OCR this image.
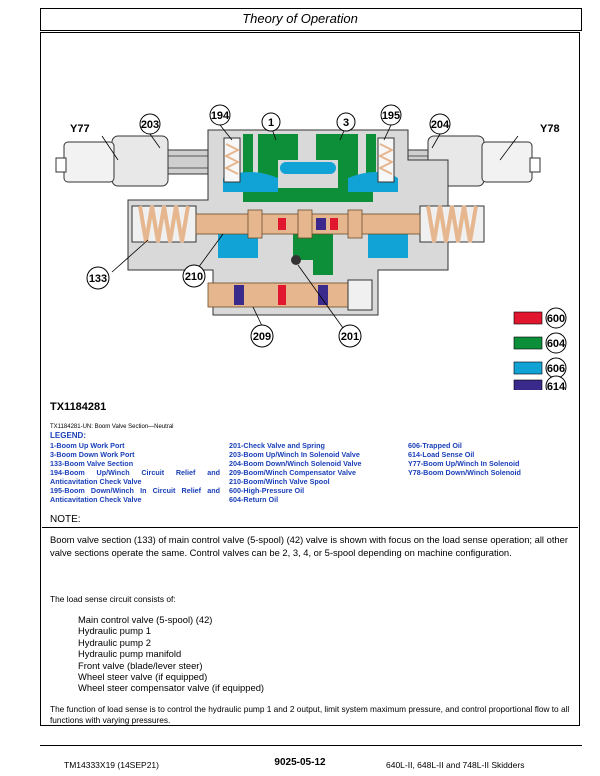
Theory of Operation
Y77	203
194
1	3
195
204	Y78
133	210
209	201
600
604
606
614
TX1184281
TX1184281-UN: Boom Valve Section—Neutral
LEGEND:
1-Boom Up Work Port
3-Boom Down Work Port
133-Boom Valve Section
194-Boom Up/Winch Circuit Relief and
Anticavitation Check Valve
195-Boom Down/Winch In Circuit Relief and
Anticavitation Check Valve
201-Check Valve and Spring
203-Boom Up/Winch In Solenoid Valve
204-Boom Down/Winch Solenoid Valve
209-Boom/Winch Compensator Valve
210-Boom/Winch Valve Spool
600-High-Pressure Oil
604-Return Oil
606-Trapped Oil
614-Load Sense Oil
Y77-Boom Up/Winch In Solenoid
Y78-Boom Down/Winch Solenoid
NOTE:
Boom valve section (133) of main control valve (5-spool) (42) valve is shown with focus on the load sense operation; all other valve sections operate the same. Control valves can be 2, 3, 4, or 5-spool depending on machine configuration.
The load sense circuit consists of:
Main control valve (5-spool) (42)
Hydraulic pump 1
Hydraulic pump 2
Hydraulic pump manifold
Front valve (blade/lever steer)
Wheel steer valve (if equipped)
Wheel steer compensator valve (if equipped)
The function of load sense is to control the hydraulic pump 1 and 2 output, limit system maximum pressure, and control proportional flow to all functions with varying pressures.
TM14333X19 (14SEP21)	9025-05-12	640L-II, 648L-II and 748L-II Skidders
